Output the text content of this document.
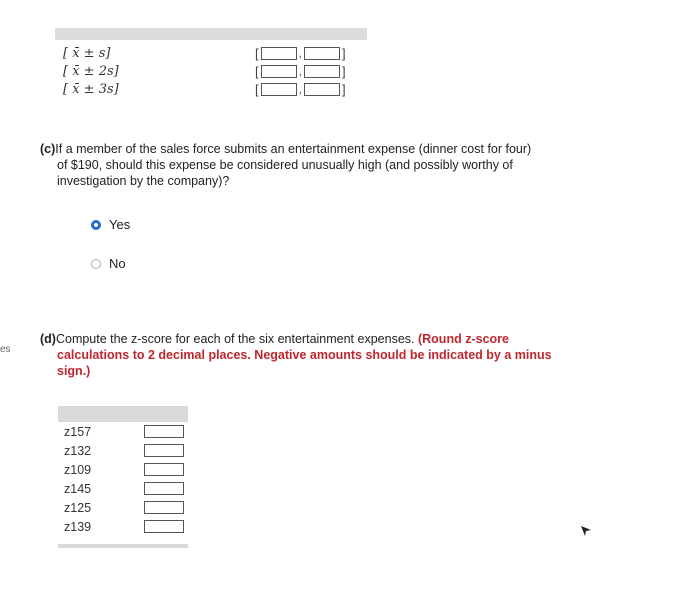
es
[ x̄ ± s]	[	,	]
[ x̄ ± 2s]	[	,	]
[ x̄ ± 3s]	[	,	]
(c)If a member of the sales force submits an entertainment expense (dinner cost for four)
of $190, should this expense be considered unusually high (and possibly worthy of investigation by the company)?
Yes
No
(d)Compute the z-score for each of the six entertainment expenses. (Round z-score
calculations to 2 decimal places. Negative amounts should be indicated by a minus sign.)
z157
z132
z109
z145
z125
z139
